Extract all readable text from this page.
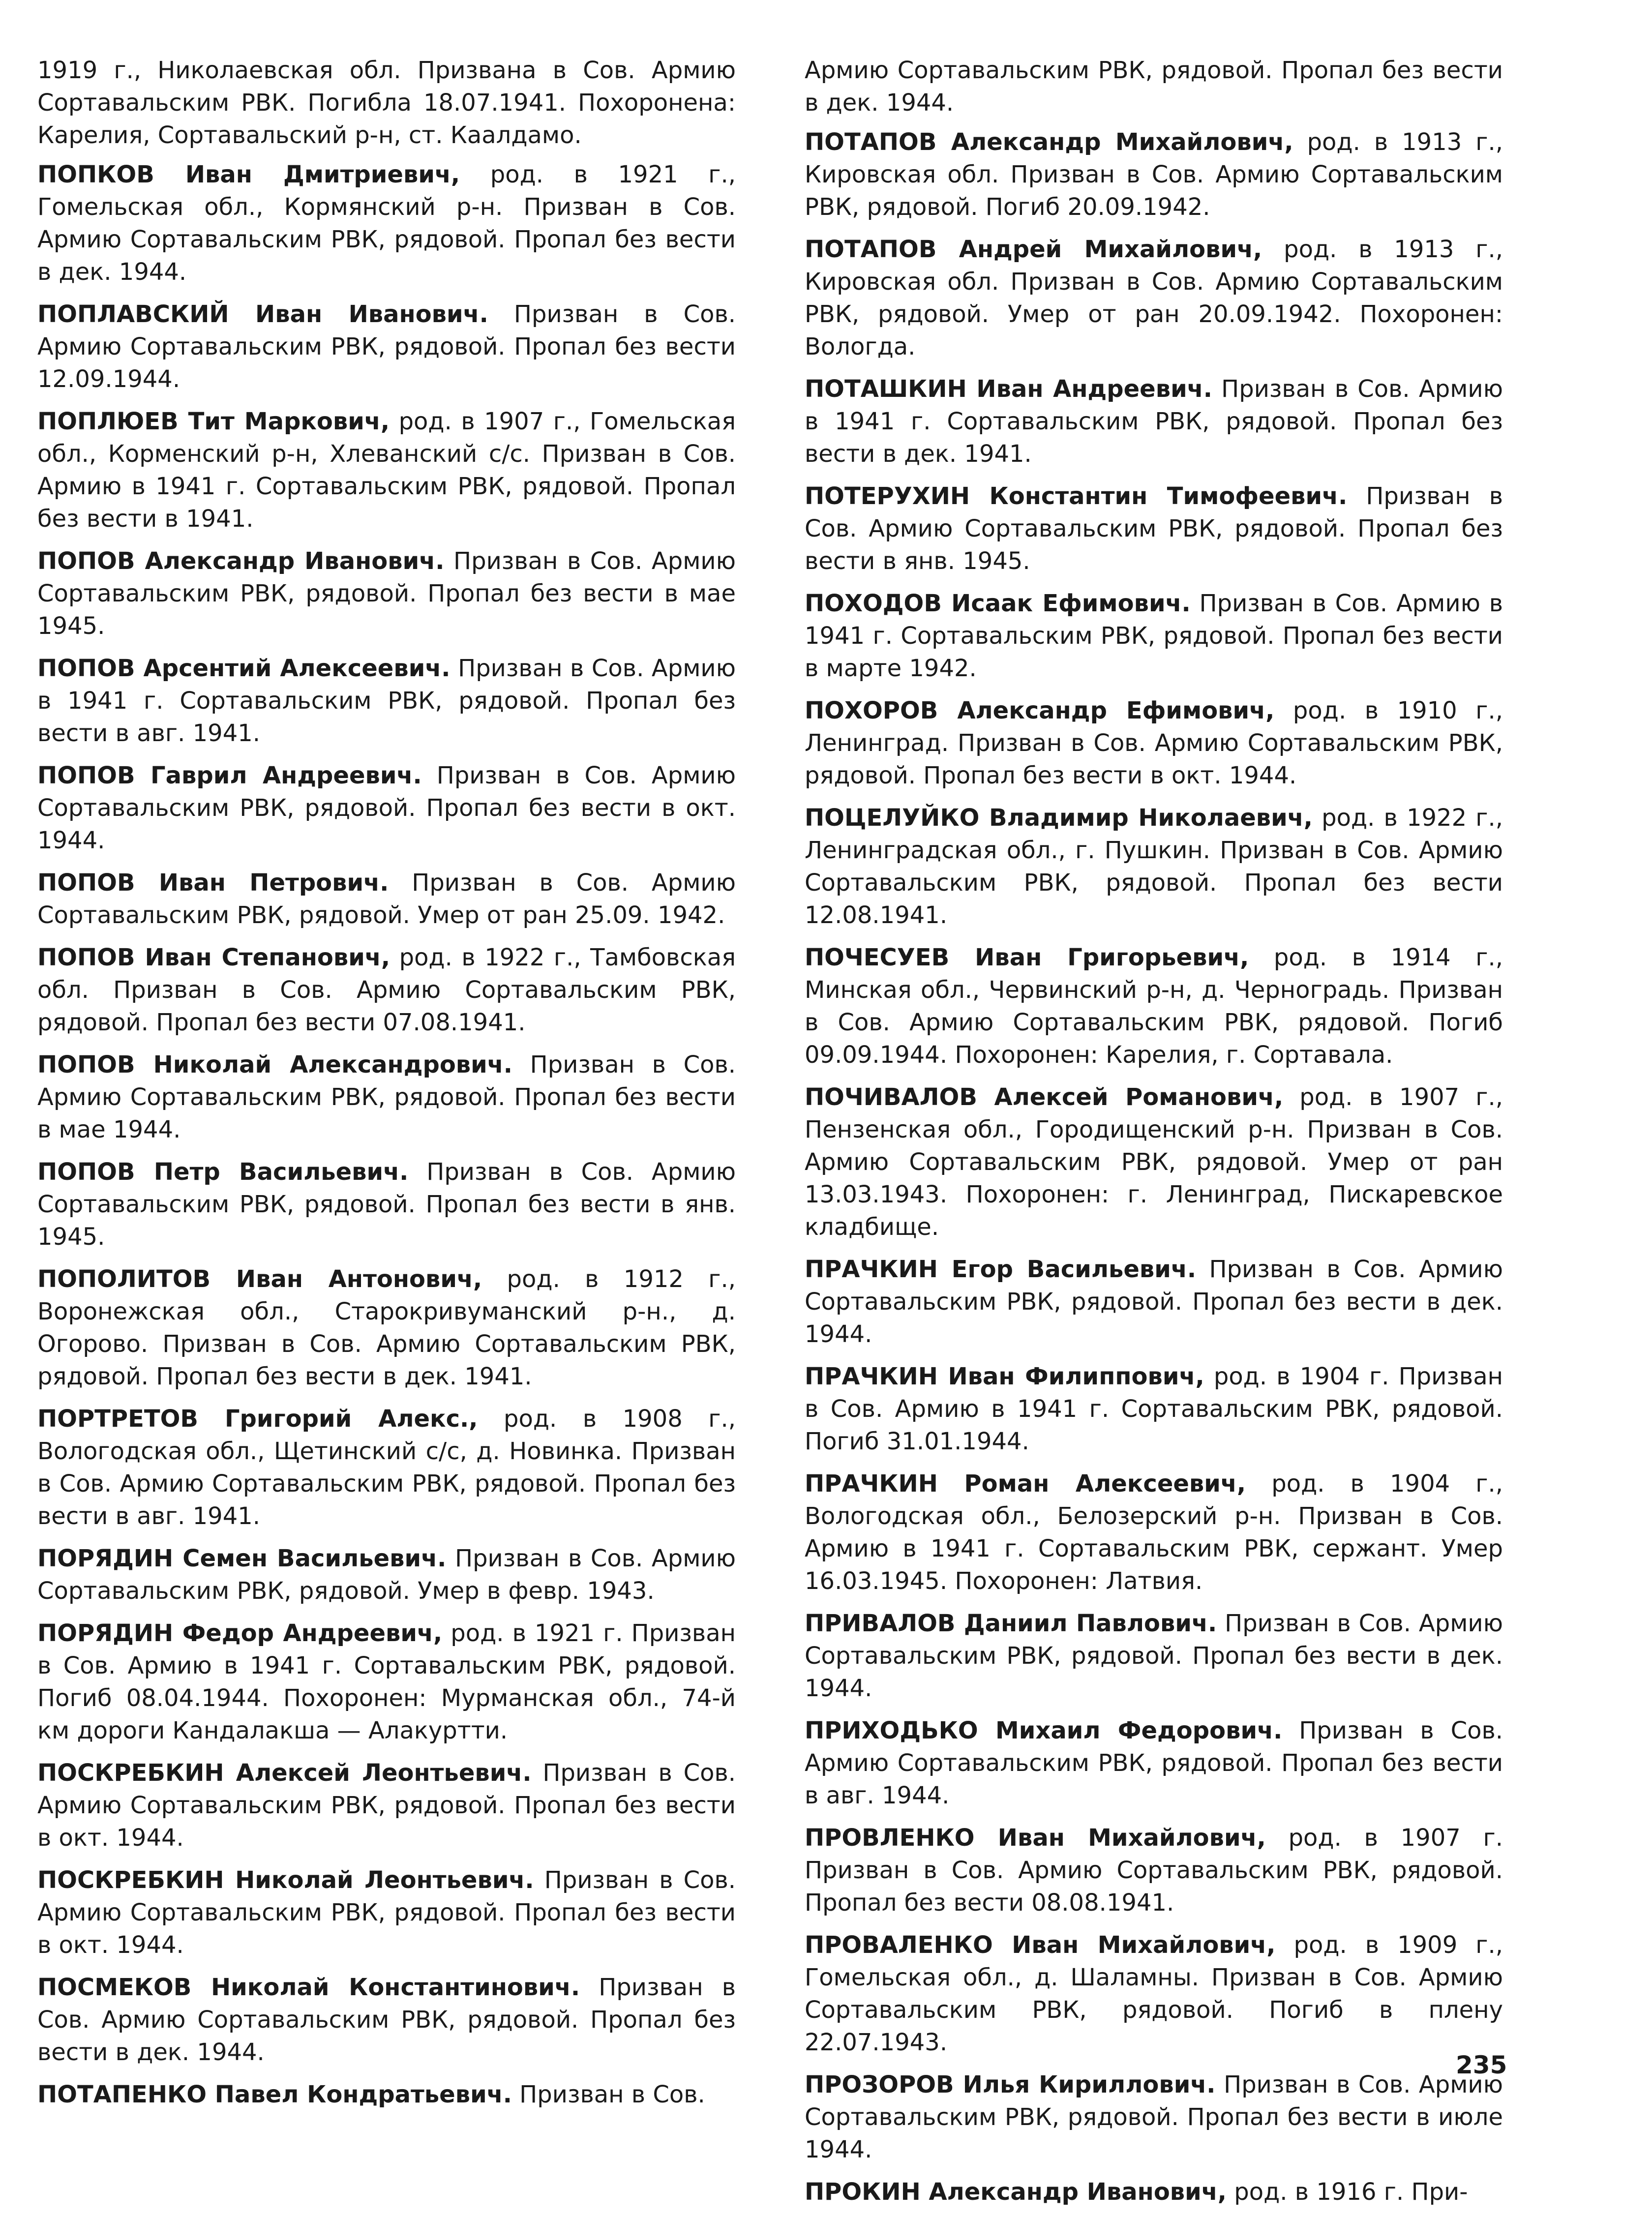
1919 г., Николаевская обл. Призвана в Сов. Армию Сортавальским РВК. Погибла 18.07.1941. Похоронена: Карелия, Сортавальский р-н, ст. Каалдамо.

ПОПКОВ Иван Дмитриевич, род. в 1921 г., Гомельская обл., Кормянский р-н. Призван в Сов. Армию Сортавальским РВК, рядовой. Пропал без вести в дек. 1944.

ПОПЛАВСКИЙ Иван Иванович. Призван в Сов. Армию Сортавальским РВК, рядовой. Пропал без вести 12.09.1944.

ПОПЛЮЕВ Тит Маркович, род. в 1907 г., Гомельская обл., Корменский р-н, Хлеванский с/с. Призван в Сов. Армию в 1941 г. Сортавальским РВК, рядовой. Пропал без вести в 1941.

ПОПОВ Александр Иванович. Призван в Сов. Армию Сортавальским РВК, рядовой. Пропал без вести в мае 1945.

ПОПОВ Арсентий Алексеевич. Призван в Сов. Армию в 1941 г. Сортавальским РВК, рядовой. Пропал без вести в авг. 1941.

ПОПОВ Гаврил Андреевич. Призван в Сов. Армию Сортавальским РВК, рядовой. Пропал без вести в окт. 1944.

ПОПОВ Иван Петрович. Призван в Сов. Армию Сортавальским РВК, рядовой. Умер от ран 25.09. 1942.

ПОПОВ Иван Степанович, род. в 1922 г., Тамбовская обл. Призван в Сов. Армию Сортавальским РВК, рядовой. Пропал без вести 07.08.1941.

ПОПОВ Николай Александрович. Призван в Сов. Армию Сортавальским РВК, рядовой. Пропал без вести в мае 1944.

ПОПОВ Петр Васильевич. Призван в Сов. Армию Сортавальским РВК, рядовой. Пропал без вести в янв. 1945.

ПОПОЛИТОВ Иван Антонович, род. в 1912 г., Воронежская обл., Старокривуманский р-н., д. Огорово. Призван в Сов. Армию Сортавальским РВК, рядовой. Пропал без вести в дек. 1941.

ПОРТРЕТОВ Григорий Алекс., род. в 1908 г., Вологодская обл., Щетинский с/с, д. Новинка. Призван в Сов. Армию Сортавальским РВК, рядовой. Пропал без вести в авг. 1941.

ПОРЯДИН Семен Васильевич. Призван в Сов. Армию Сортавальским РВК, рядовой. Умер в февр. 1943.

ПОРЯДИН Федор Андреевич, род. в 1921 г. Призван в Сов. Армию в 1941 г. Сортавальским РВК, рядовой. Погиб 08.04.1944. Похоронен: Мурманская обл., 74-й км дороги Кандалакша — Алакуртти.

ПОСКРЕБКИН Алексей Леонтьевич. Призван в Сов. Армию Сортавальским РВК, рядовой. Пропал без вести в окт. 1944.

ПОСКРЕБКИН Николай Леонтьевич. Призван в Сов. Армию Сортавальским РВК, рядовой. Пропал без вести в окт. 1944.

ПОСМЕКОВ Николай Константинович. Призван в Сов. Армию Сортавальским РВК, рядовой. Пропал без вести в дек. 1944.

ПОТАПЕНКО Павел Кондратьевич. Призван в Сов.

Армию Сортавальским РВК, рядовой. Пропал без вести в дек. 1944.

ПОТАПОВ Александр Михайлович, род. в 1913 г., Кировская обл. Призван в Сов. Армию Сортавальским РВК, рядовой. Погиб 20.09.1942.

ПОТАПОВ Андрей Михайлович, род. в 1913 г., Кировская обл. Призван в Сов. Армию Сортавальским РВК, рядовой. Умер от ран 20.09.1942. Похоронен: Вологда.

ПОТАШКИН Иван Андреевич. Призван в Сов. Армию в 1941 г. Сортавальским РВК, рядовой. Пропал без вести в дек. 1941.

ПОТЕРУХИН Константин Тимофеевич. Призван в Сов. Армию Сортавальским РВК, рядовой. Пропал без вести в янв. 1945.

ПОХОДОВ Исаак Ефимович. Призван в Сов. Армию в 1941 г. Сортавальским РВК, рядовой. Пропал без вести в марте 1942.

ПОХОРОВ Александр Ефимович, род. в 1910 г., Ленинград. Призван в Сов. Армию Сортавальским РВК, рядовой. Пропал без вести в окт. 1944.

ПОЦЕЛУЙКО Владимир Николаевич, род. в 1922 г., Ленинградская обл., г. Пушкин. Призван в Сов. Армию Сортавальским РВК, рядовой. Пропал без вести 12.08.1941.

ПОЧЕСУЕВ Иван Григорьевич, род. в 1914 г., Минская обл., Червинский р-н, д. Черноградь. Призван в Сов. Армию Сортавальским РВК, рядовой. Погиб 09.09.1944. Похоронен: Карелия, г. Сортавала.

ПОЧИВАЛОВ Алексей Романович, род. в 1907 г., Пензенская обл., Городищенский р-н. Призван в Сов. Армию Сортавальским РВК, рядовой. Умер от ран 13.03.1943. Похоронен: г. Ленинград, Пискаревское кладбище.

ПРАЧКИН Егор Васильевич. Призван в Сов. Армию Сортавальским РВК, рядовой. Пропал без вести в дек. 1944.

ПРАЧКИН Иван Филиппович, род. в 1904 г. Призван в Сов. Армию в 1941 г. Сортавальским РВК, рядовой. Погиб 31.01.1944.

ПРАЧКИН Роман Алексеевич, род. в 1904 г., Вологодская обл., Белозерский р-н. Призван в Сов. Армию в 1941 г. Сортавальским РВК, сержант. Умер 16.03.1945. Похоронен: Латвия.

ПРИВАЛОВ Даниил Павлович. Призван в Сов. Армию Сортавальским РВК, рядовой. Пропал без вести в дек. 1944.

ПРИХОДЬКО Михаил Федорович. Призван в Сов. Армию Сортавальским РВК, рядовой. Пропал без вести в авг. 1944.

ПРОВЛЕНКО Иван Михайлович, род. в 1907 г. Призван в Сов. Армию Сортавальским РВК, рядовой. Пропал без вести 08.08.1941.

ПРОВАЛЕНКО Иван Михайлович, род. в 1909 г., Гомельская обл., д. Шаламны. Призван в Сов. Армию Сортавальским РВК, рядовой. Погиб в плену 22.07.1943.

ПРОЗОРОВ Илья Кириллович. Призван в Сов. Армию Сортавальским РВК, рядовой. Пропал без вести в июле 1944.

ПРОКИН Александр Иванович, род. в 1916 г. При-

235
